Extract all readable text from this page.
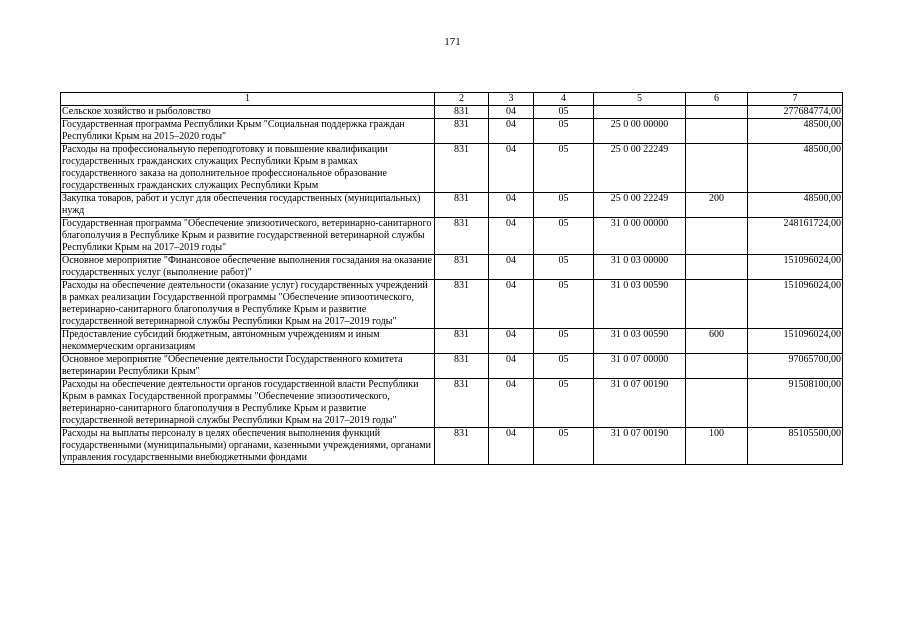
171
1	2	3	4	5	6	7
Сельское хозяйство и рыболовство	831	04	05			277684774,00
Государственная программа Республики Крым "Социальная поддержка граждан Республики Крым на 2015–2020 годы"	831	04	05	25 0 00 00000		48500,00
Расходы на профессиональную переподготовку и повышение квалификации государственных гражданских служащих Республики Крым в рамках государственного заказа на дополнительное профессиональное образование государственных гражданских служащих Республики Крым	831	04	05	25 0 00 22249		48500,00
Закупка товаров, работ и услуг для обеспечения государственных (муниципальных) нужд	831	04	05	25 0 00 22249	200	48500,00
Государственная программа "Обеспечение эпизоотического, ветеринарно-санитарного благополучия в Республике Крым и развитие государственной ветеринарной службы Республики Крым на 2017–2019 годы"	831	04	05	31 0 00 00000		248161724,00
Основное мероприятие "Финансовое обеспечение выполнения госзадания на оказание государственных услуг (выполнение работ)"	831	04	05	31 0 03 00000		151096024,00
Расходы на обеспечение деятельности (оказание услуг) государственных учреждений в рамках реализации Государственной программы "Обеспечение эпизоотического, ветеринарно-санитарного благополучия в Республике Крым и развитие государственной ветеринарной службы Республики Крым на 2017–2019 годы"	831	04	05	31 0 03 00590		151096024,00
Предоставление субсидий бюджетным, автономным учреждениям и иным некоммерческим организациям	831	04	05	31 0 03 00590	600	151096024,00
Основное мероприятие "Обеспечение деятельности Государственного комитета ветеринарии Республики Крым"	831	04	05	31 0 07 00000		97065700,00
Расходы на обеспечение деятельности органов государственной власти Республики Крым в рамках Государственной программы "Обеспечение эпизоотического, ветеринарно-санитарного благополучия в Республике Крым и развитие государственной ветеринарной службы Республики Крым на 2017–2019 годы"	831	04	05	31 0 07 00190		91508100,00
Расходы на выплаты персоналу в целях обеспечения выполнения функций государственными (муниципальными) органами, казенными учреждениями, органами управления государственными внебюджетными фондами	831	04	05	31 0 07 00190	100	85105500,00
